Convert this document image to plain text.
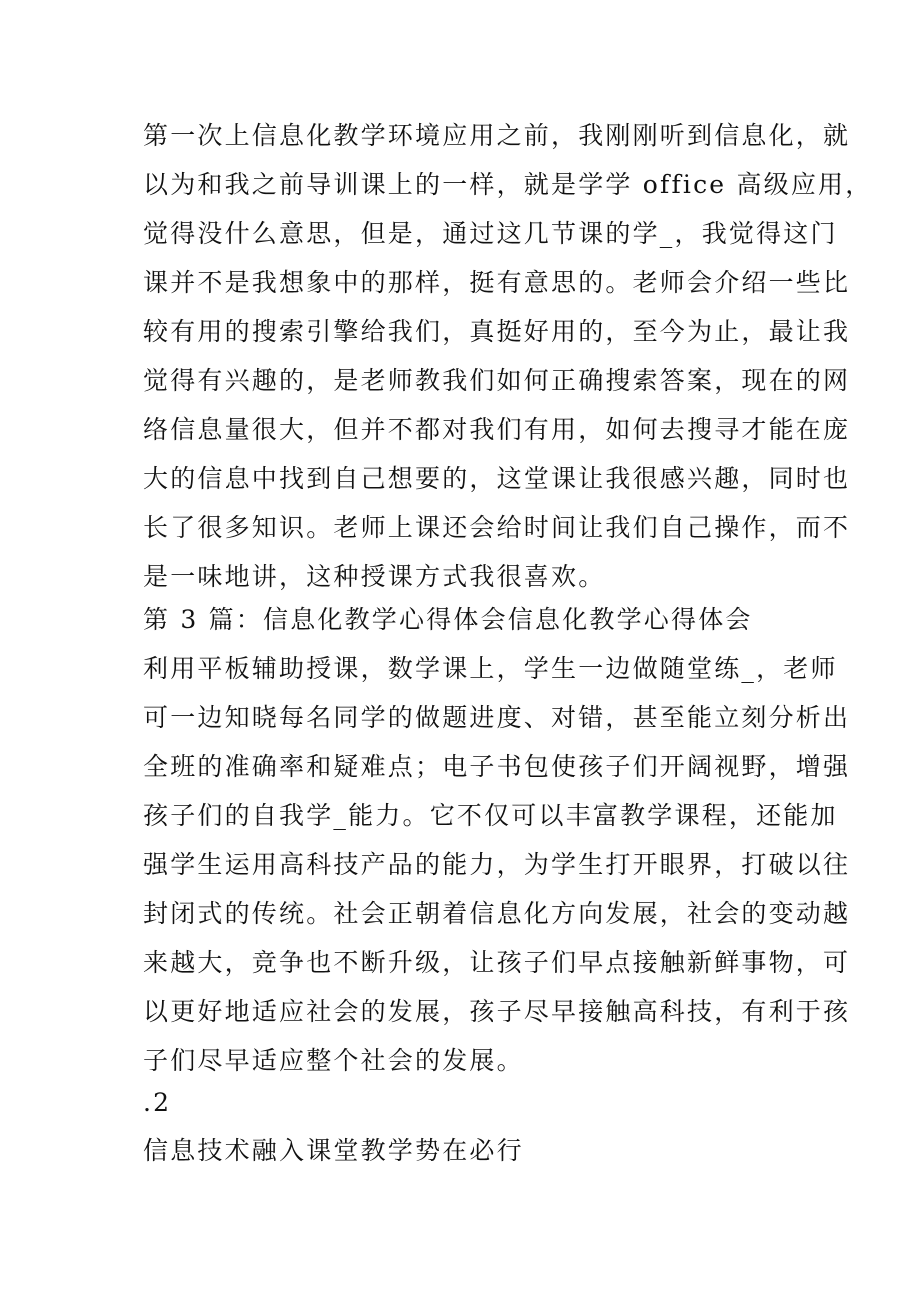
第一次上信息化教学环境应用之前，我刚刚听到信息化，就
以为和我之前导训课上的一样，就是学学 office 高级应用，
觉得没什么意思，但是，通过这几节课的学_，我觉得这门
课并不是我想象中的那样，挺有意思的。老师会介绍一些比
较有用的搜索引擎给我们，真挺好用的，至今为止，最让我
觉得有兴趣的，是老师教我们如何正确搜索答案，现在的网
络信息量很大，但并不都对我们有用，如何去搜寻才能在庞
大的信息中找到自己想要的，这堂课让我很感兴趣，同时也
长了很多知识。老师上课还会给时间让我们自己操作，而不
是一味地讲，这种授课方式我很喜欢。
第 3 篇：信息化教学心得体会信息化教学心得体会
利用平板辅助授课，数学课上，学生一边做随堂练_，老师
可一边知晓每名同学的做题进度、对错，甚至能立刻分析出
全班的准确率和疑难点；电子书包使孩子们开阔视野，增强
孩子们的自我学_能力。它不仅可以丰富教学课程，还能加
强学生运用高科技产品的能力，为学生打开眼界，打破以往
封闭式的传统。社会正朝着信息化方向发展，社会的变动越
来越大，竞争也不断升级，让孩子们早点接触新鲜事物，可
以更好地适应社会的发展，孩子尽早接触高科技，有利于孩
子们尽早适应整个社会的发展。
.2
信息技术融入课堂教学势在必行
